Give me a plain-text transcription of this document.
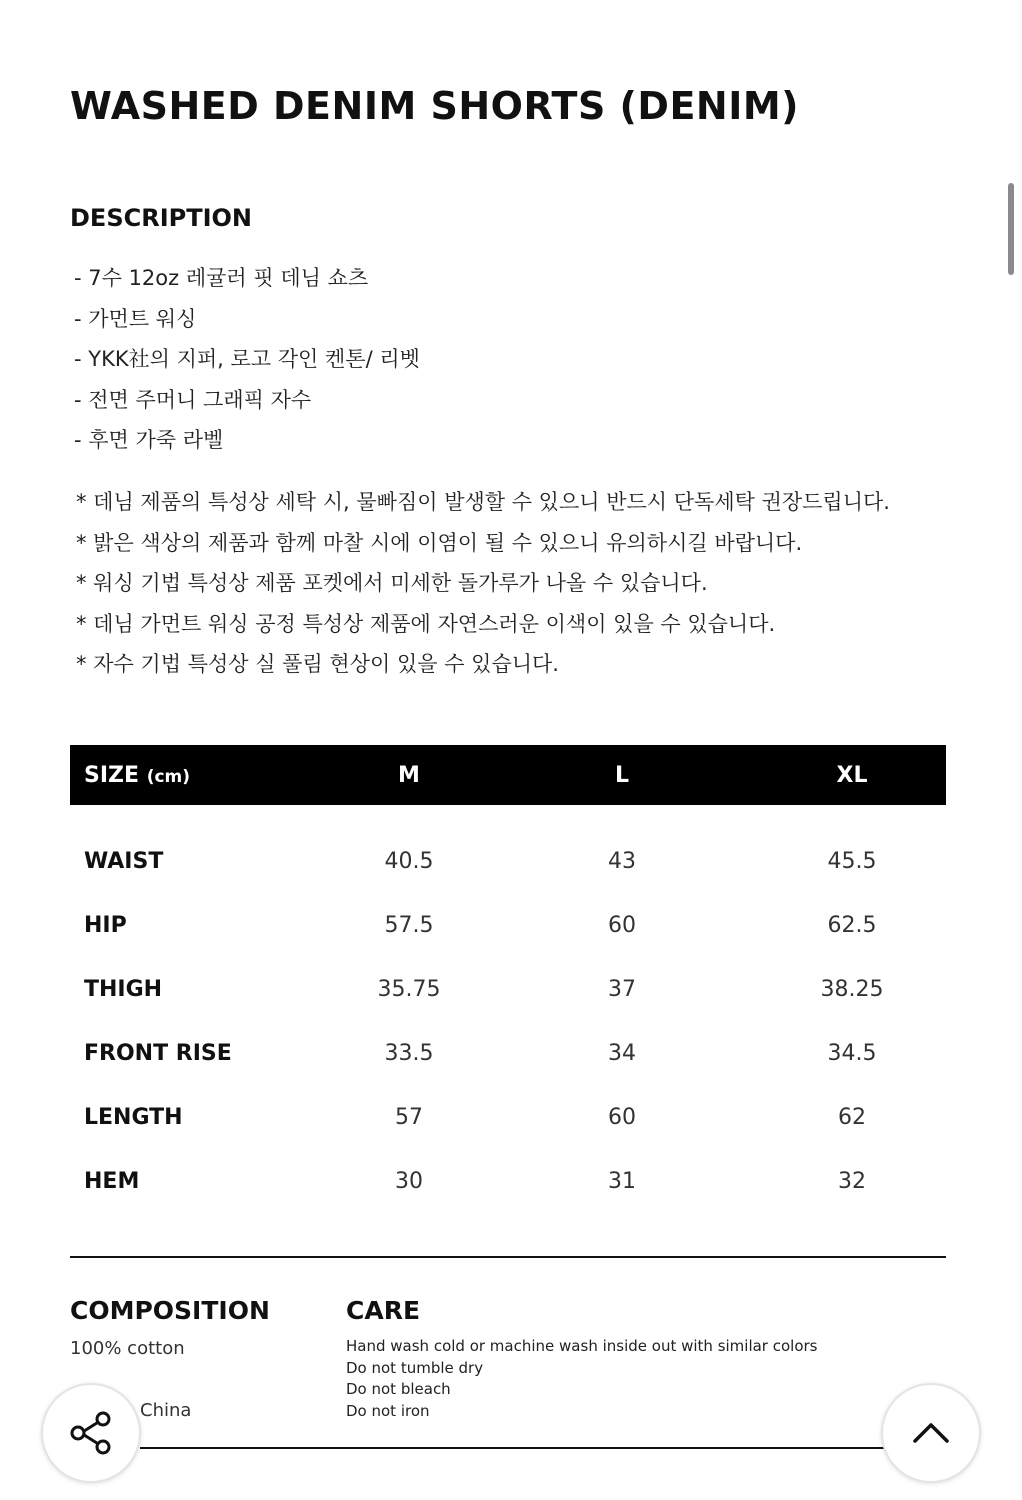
WASHED DENIM SHORTS (DENIM)
DESCRIPTION
- 7수 12oz 레귤러 핏 데님 쇼츠
- 가먼트 워싱
- YKK社의 지퍼, 로고 각인 켄톤/ 리벳
- 전면 주머니 그래픽 자수
- 후면 가죽 라벨
* 데님 제품의 특성상 세탁 시, 물빠짐이 발생할 수 있으니 반드시 단독세탁 권장드립니다.
* 밝은 색상의 제품과 함께 마찰 시에 이염이 될 수 있으니 유의하시길 바랍니다.
* 워싱 기법 특성상 제품 포켓에서 미세한 돌가루가 나올 수 있습니다.
* 데님 가먼트 워싱 공정 특성상 제품에 자연스러운 이색이 있을 수 있습니다.
* 자수 기법 특성상 실 풀림 현상이 있을 수 있습니다.
SIZE (cm)	M	L	XL

WAIST	40.5	43	45.5
HIP	57.5	60	62.5
THIGH	35.75	37	38.25
FRONT RISE	33.5	34	34.5
LENGTH	57	60	62
HEM	30	31	32
COMPOSITION
100% cotton
China
CARE
Hand wash cold or machine wash inside out with similar colors
Do not tumble dry
Do not bleach
Do not iron
